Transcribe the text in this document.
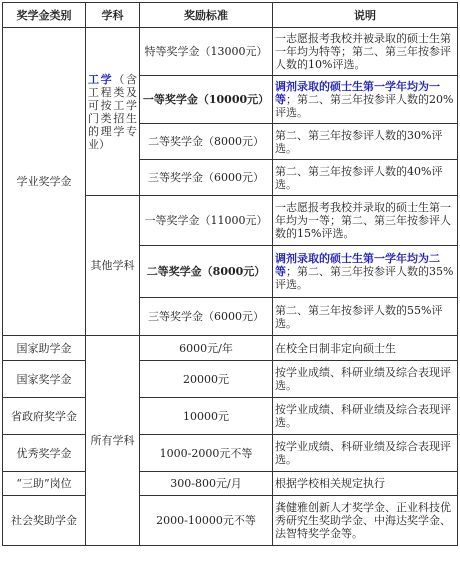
奖学金类别	学科	奖励标准	说明
学业奖学金	工学（含工程类及可按工学门类招生的理学专业）	特等奖学金（13000元）	一志愿报考我校并被录取的硕士生第一年均为特等；第二、第三年按参评人数的10%评选。
		一等奖学金（10000元）	调剂录取的硕士生第一学年均为一等；第二、第三年按参评人数的20%评选。
		二等奖学金（8000元）	第二、第三年按参评人数的30%评选。
		三等奖学金（6000元）	第二、第三年按参评人数的40%评选。
	其他学科	一等奖学金（11000元）	一志愿报考我校并录取的硕士生第一年均为一等；第二、第三年按参评人数的15%评选。
		二等奖学金（8000元）	调剂录取的硕士生第一学年均为二等；第二、第三年按参评人数的35%评选。
		三等奖学金（6000元）	第二、第三年按参评人数的55%评选。
国家助学金	所有学科	6000元/年	在校全日制非定向硕士生
国家奖学金		20000元	按学业成绩、科研业绩及综合表现评选。
省政府奖学金		10000元	按学业成绩、科研业绩及综合表现评选。
优秀奖学金		1000-2000元不等	按学业成绩、科研业绩及综合表现评选。
“三助”岗位		300-800元/月	根据学校相关规定执行
社会奖助学金		2000-10000元不等	龚健雅创新人才奖学金、正业科技优秀研究生奖助学金、中海达奖学金、法智特奖学金等。
